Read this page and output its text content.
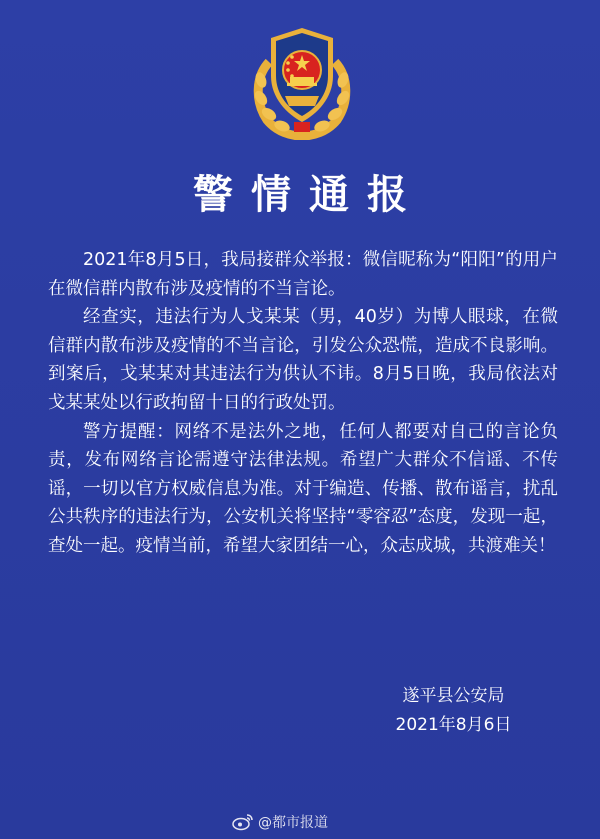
警情通报

2021年8月5日，我局接群众举报：微信昵称为“阳阳”的用户在微信群内散布涉及疫情的不当言论。

经查实，违法行为人戈某某（男，40岁）为博人眼球，在微信群内散布涉及疫情的不当言论，引发公众恐慌，造成不良影响。到案后，戈某某对其违法行为供认不讳。8月5日晚，我局依法对戈某某处以行政拘留十日的行政处罚。

警方提醒：网络不是法外之地，任何人都要对自己的言论负责，发布网络言论需遵守法律法规。希望广大群众不信谣、不传谣，一切以官方权威信息为准。对于编造、传播、散布谣言，扰乱公共秩序的违法行为，公安机关将坚持“零容忍”态度，发现一起，查处一起。疫情当前，希望大家团结一心，众志成城，共渡难关！

遂平县公安局
2021年8月6日
@都市报道
